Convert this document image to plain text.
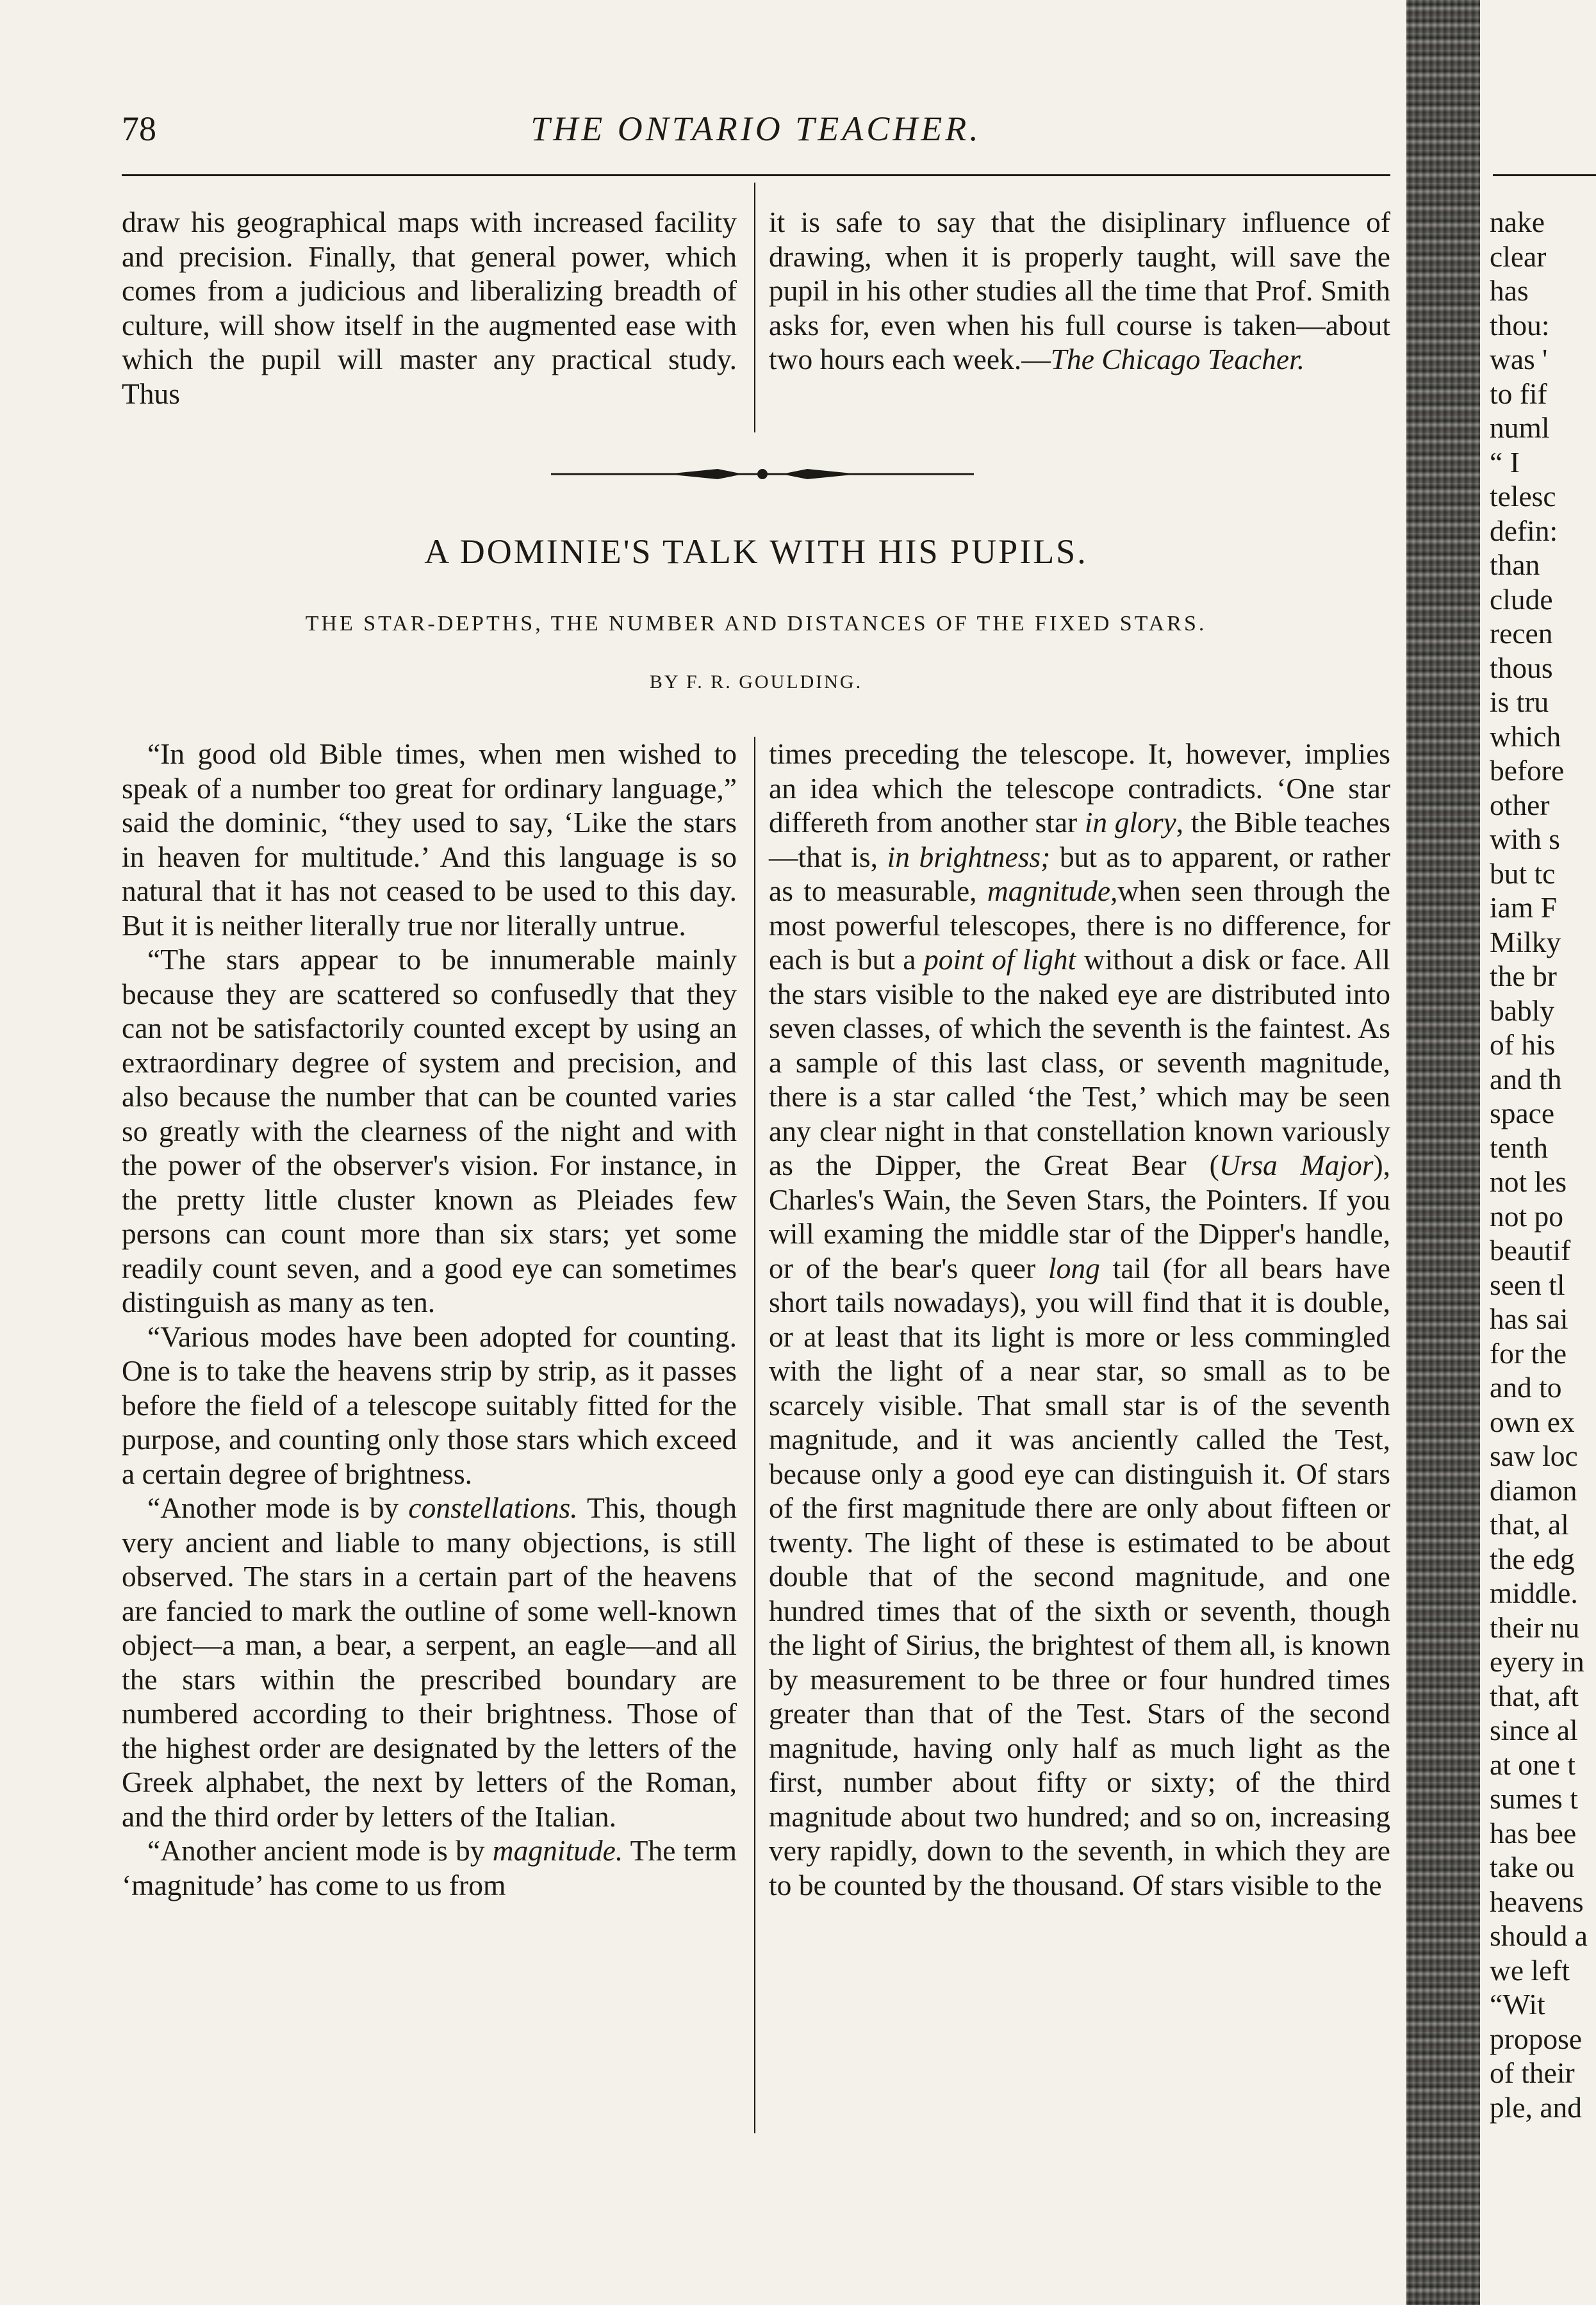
78	THE ONTARIO TEACHER.

draw his geographical maps with increased facility and precision. Finally, that general power, which comes from a judicious and liberalizing breadth of culture, will show itself in the augmented ease with which the pupil will master any practical study. Thus

it is safe to say that the disiplinary influence of drawing, when it is properly taught, will save the pupil in his other studies all the time that Prof. Smith asks for, even when his full course is taken—about two hours each week.—The Chicago Teacher.

A DOMINIE'S TALK WITH HIS PUPILS.
THE STAR-DEPTHS, THE NUMBER AND DISTANCES OF THE FIXED STARS.
BY F. R. GOULDING.

“In good old Bible times, when men wished to speak of a number too great for ordinary language,” said the dominic, “they used to say, ‘Like the stars in heaven for multitude.’ And this language is so natural that it has not ceased to be used to this day. But it is neither literally true nor literally untrue.

“The stars appear to be innumerable mainly because they are scattered so confusedly that they can not be satisfactorily counted except by using an extraordinary degree of system and precision, and also because the number that can be counted varies so greatly with the clearness of the night and with the power of the observer's vision. For instance, in the pretty little cluster known as Pleiades few persons can count more than six stars; yet some readily count seven, and a good eye can sometimes distinguish as many as ten.

“Various modes have been adopted for counting. One is to take the heavens strip by strip, as it passes before the field of a telescope suitably fitted for the purpose, and counting only those stars which exceed a certain degree of brightness.

“Another mode is by constellations. This, though very ancient and liable to many objections, is still observed. The stars in a certain part of the heavens are fancied to mark the outline of some well-known object—a man, a bear, a serpent, an eagle—and all the stars within the prescribed boundary are numbered according to their brightness. Those of the highest order are designated by the letters of the Greek alphabet, the next by letters of the Roman, and the third order by letters of the Italian.

“Another ancient mode is by magnitude. The term ‘magnitude’ has come to us from

times preceding the telescope. It, however, implies an idea which the telescope contradicts. ‘One star differeth from another star in glory, the Bible teaches—that is, in brightness; but as to apparent, or rather as to measurable, magnitude,when seen through the most powerful telescopes, there is no difference, for each is but a point of light without a disk or face. All the stars visible to the naked eye are distributed into seven classes, of which the seventh is the faintest. As a sample of this last class, or seventh magnitude, there is a star called ‘the Test,’ which may be seen any clear night in that constellation known variously as the Dipper, the Great Bear (Ursa Major), Charles's Wain, the Seven Stars, the Pointers. If you will examing the middle star of the Dipper's handle, or of the bear's queer long tail (for all bears have short tails nowadays), you will find that it is double, or at least that its light is more or less commingled with the light of a near star, so small as to be scarcely visible. That small star is of the seventh magnitude, and it was anciently called the Test, because only a good eye can distinguish it. Of stars of the first magnitude there are only about fifteen or twenty. The light of these is estimated to be about double that of the second magnitude, and one hundred times that of the sixth or seventh, though the light of Sirius, the brightest of them all, is known by measurement to be three or four hundred times greater than that of the Test. Stars of the second magnitude, having only half as much light as the first, number about fifty or sixty; of the third magnitude about two hundred; and so on, increasing very rapidly, down to the seventh, in which they are to be counted by the thousand. Of stars visible to the

nake
clear
has
thou:
was '
to fif
numl
“ I
telesc
defin:
than
clude
recen
thous
is tru
which
before
other
with s
but tc
iam F
Milky
the br
bably
of his
and th
space
tenth
not les
not po
beautif
seen tl
has sai
for the
and to
own ex
saw loc
diamon
that, al
the edg
middle.
their nu
eyery in
that, aft
since al
at one t
sumes t
has bee
take ou
heavens
should a
we left
“Wit
propose
of their
ple, and
